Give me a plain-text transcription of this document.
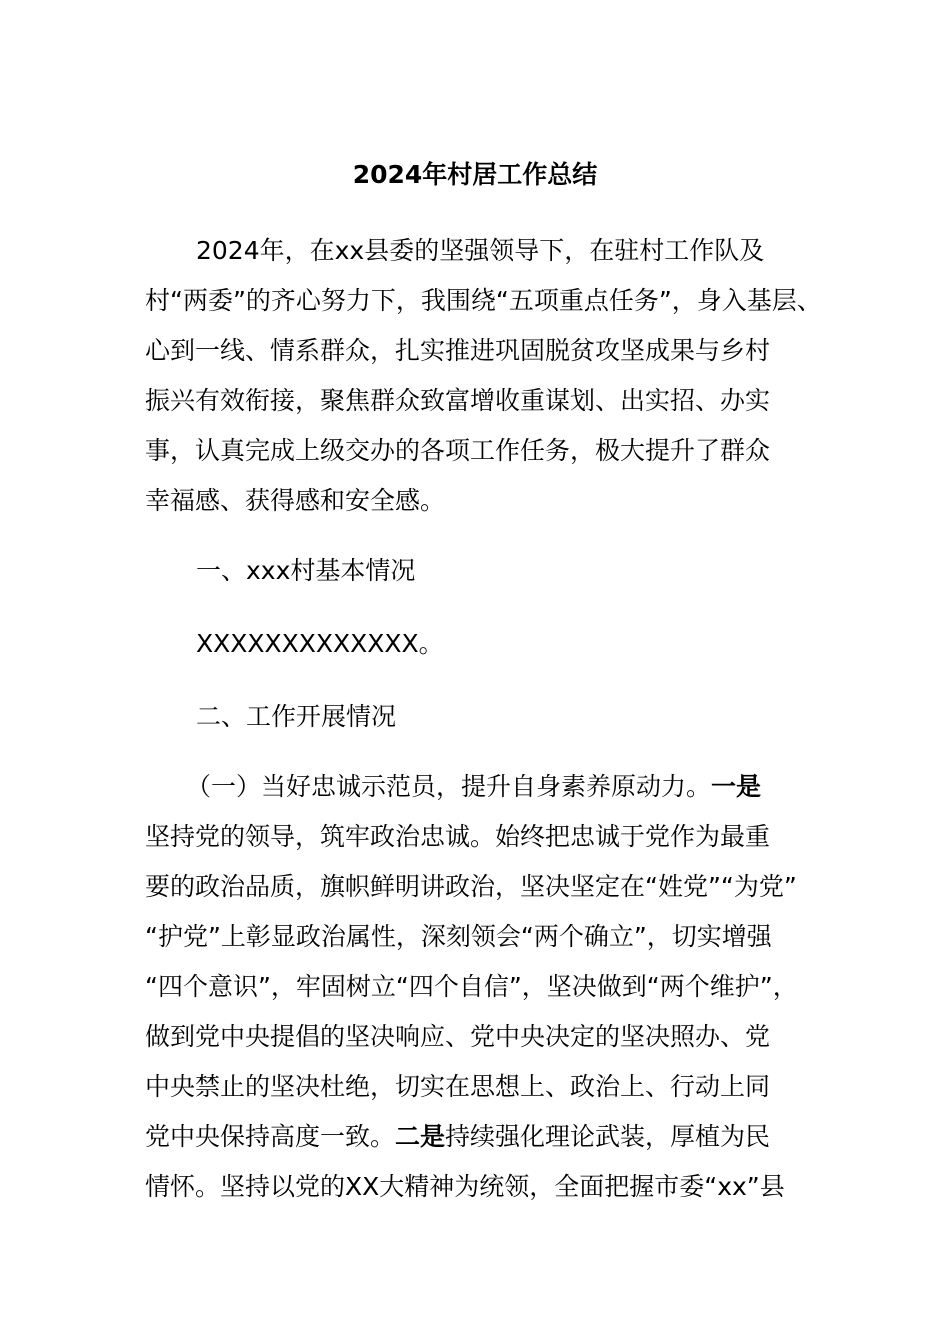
2024年村居工作总结
2024年，在xx县委的坚强领导下，在驻村工作队及
村“两委”的齐心努力下，我围绕“五项重点任务”，身入基层、
心到一线、情系群众，扎实推进巩固脱贫攻坚成果与乡村
振兴有效衔接，聚焦群众致富增收重谋划、出实招、办实
事，认真完成上级交办的各项工作任务，极大提升了群众
幸福感、获得感和安全感。
一、xxx村基本情况
XXXXXXXXXXXXX。
二、工作开展情况
（一）当好忠诚示范员，提升自身素养原动力。一是
坚持党的领导，筑牢政治忠诚。始终把忠诚于党作为最重
要的政治品质，旗帜鲜明讲政治，坚决坚定在“姓党”“为党”
“护党”上彰显政治属性，深刻领会“两个确立”，切实增强
“四个意识”，牢固树立“四个自信”，坚决做到“两个维护”，
做到党中央提倡的坚决响应、党中央决定的坚决照办、党
中央禁止的坚决杜绝，切实在思想上、政治上、行动上同
党中央保持高度一致。二是持续强化理论武装，厚植为民
情怀。坚持以党的XX大精神为统领，全面把握市委“xx”县
